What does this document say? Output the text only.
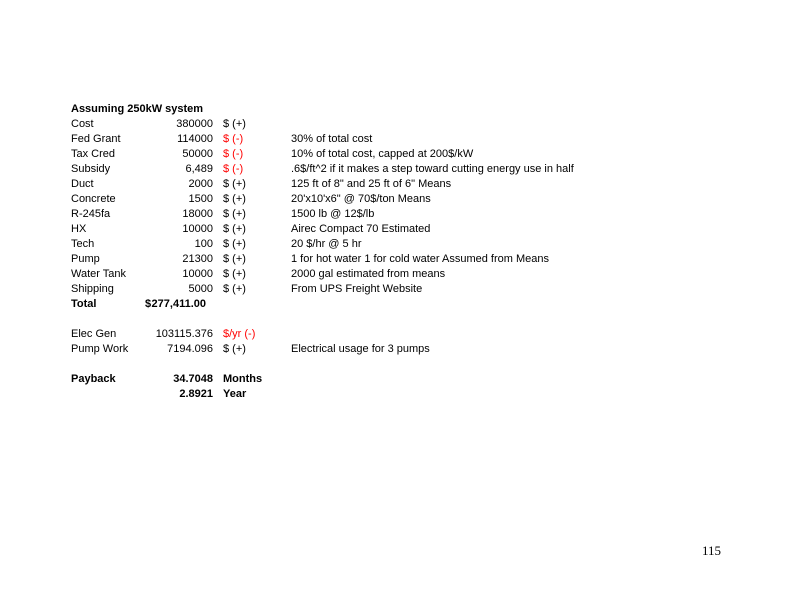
Assuming 250kW system
Cost	380000 $ (+)
Fed Grant	114000 $ (-)	30% of total cost
Tax Cred	50000 $ (-)	10% of total cost, capped at 200$/kW
Subsidy	6,489 $ (-)	.6$/ft^2 if it makes a step toward cutting energy use in half
Duct	2000 $ (+)	125 ft of 8" and 25 ft of 6" Means
Concrete	1500 $ (+)	20'x10'x6" @ 70$/ton Means
R-245fa	18000 $ (+)	1500 lb @ 12$/lb
HX	10000 $ (+)	Airec Compact 70 Estimated
Tech	100 $ (+)	20 $/hr @ 5 hr
Pump	21300 $ (+)	1 for hot water 1 for cold water Assumed from Means
Water Tank	10000 $ (+)	2000 gal estimated from means
Shipping	5000 $ (+)	From UPS Freight Website
Total	$ 277,411.00
Elec Gen	103115.376 $/yr (-)
Pump Work	7194.096 $ (+)	Electrical usage for 3 pumps
Payback	34.7048 Months
2.8921 Year
115
